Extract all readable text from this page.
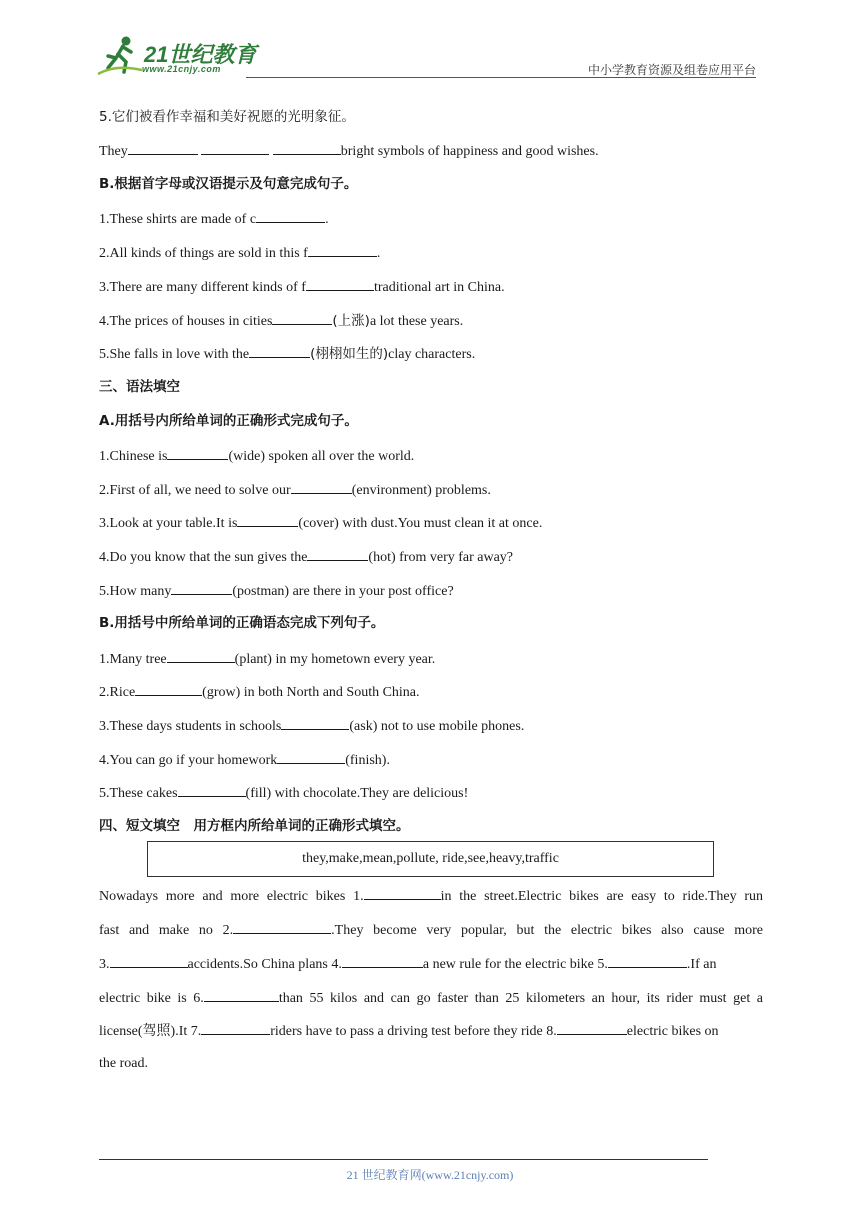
21世纪教育
www.21cnjy.com	中小学教育资源及组卷应用平台
5.它们被看作幸福和美好祝愿的光明象征。
They	bright symbols of happiness and good wishes.
B.根据首字母或汉语提示及句意完成句子。
1.These shirts are made of c	.
2.All kinds of things are sold in this f	.
3.There are many different kinds of f	traditional art in China.
4.The prices of houses in cities	(上涨)a lot these years.
5.She falls in love with the	(栩栩如生的)clay characters.
三、语法填空
A.用括号内所给单词的正确形式完成句子。
1.Chinese is	(wide) spoken all over the world.
2.First of all, we need to solve our	(environment) problems.
3.Look at your table.It is	(cover) with dust.You must clean it at once.
4.Do you know that the sun gives the	(hot) from very far away?
5.How many	(postman) are there in your post office?
B.用括号中所给单词的正确语态完成下列句子。
1.Many tree	(plant) in my hometown every year.
2.Rice	(grow) in both North and South China.
3.These days students in schools	(ask) not to use mobile phones.
4.You can go if your homework	(finish).
5.These cakes	(fill) with chocolate.They are delicious!
四、短文填空　用方框内所给单词的正确形式填空。
they,make,mean,pollute, ride,see,heavy,traffic
Nowadays more and more electric bikes 1.	in the street.Electric bikes are easy to ride.They run
fast and make no 2.	.They become very popular, but the electric bikes also cause more
3.	accidents.So China plans 4.	a new rule for the electric bike 5.	.If an
electric bike is 6.	than 55 kilos and can go faster than 25 kilometers an hour, its rider must get a
license(驾照).It 7.	riders have to pass a driving test before they ride 8.	electric bikes on
the road.
21 世纪教育网(www.21cnjy.com)
